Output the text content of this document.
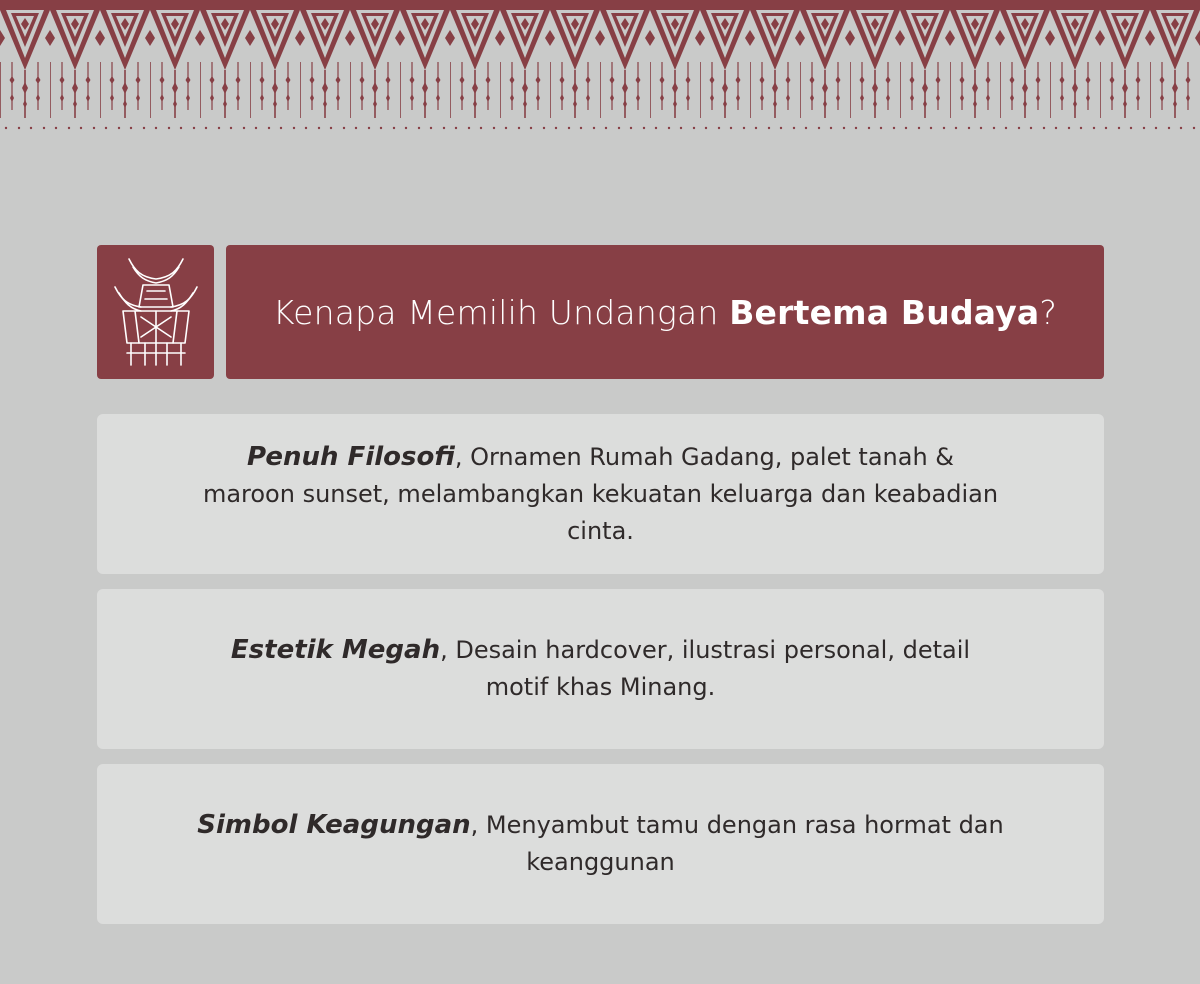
Kenapa Memilih Undangan Bertema Budaya?
Penuh Filosofi, Ornamen Rumah Gadang, palet tanah & maroon sunset, melambangkan kekuatan keluarga dan keabadian cinta.
Estetik Megah, Desain hardcover, ilustrasi personal, detail motif khas Minang.
Simbol Keagungan, Menyambut tamu dengan rasa hormat dan keanggunan
